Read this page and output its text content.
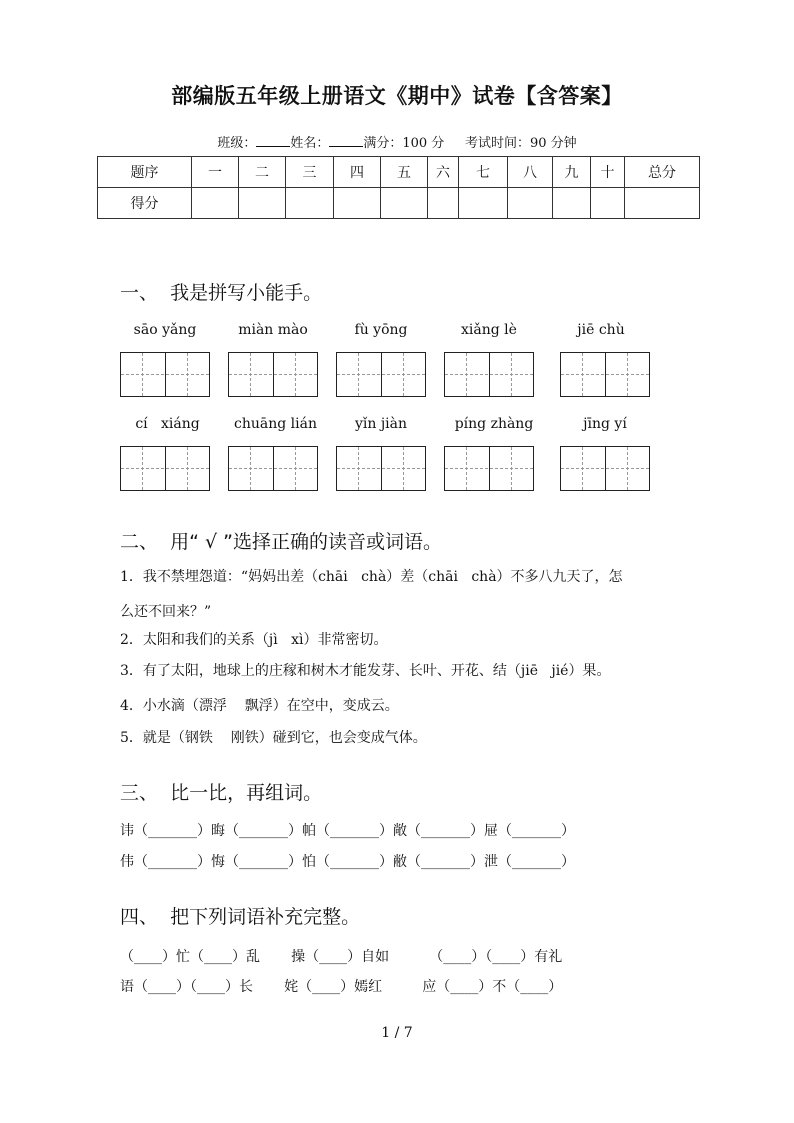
部编版五年级上册语文《期中》试卷【含答案】
班级：	姓名：	满分：100 分 考试时间：90 分钟
题序	一	二	三	四	五	六	七	八	九	十	总分
得分											
一、  我是拼写小能手。
sāo yǎng	miàn mào	fù yōng	xiǎng lè	jiē chù
cí   xiáng	chuāng lián	yǐn jiàn	píng zhàng	jīng yí
二、  用“ √ ”选择正确的读音或词语。
1．我不禁埋怨道：“妈妈出差（chāi   chà）差（chāi   chà）不多八九天了，怎
么还不回来？”
2．太阳和我们的关系（jì   xì）非常密切。
3．有了太阳，地球上的庄稼和树木才能发芽、长叶、开花、结（jiē   jié）果。
4．小水滴（漂浮    飘浮）在空中，变成云。
5．就是（钢铁    刚铁）碰到它，也会变成气体。
三、  比一比，再组词。
讳（_______）晦（_______）帕（_______）敞（_______）屉（_______）
伟（_______）悔（_______）怕（_______）敝（_______）泄（_______）
四、  把下列词语补充完整。
（____）忙（____）乱       操（____）自如         （____）（____）有礼
语（____）（____）长       姹（____）嫣红         应（____）不（____）
1 / 7
